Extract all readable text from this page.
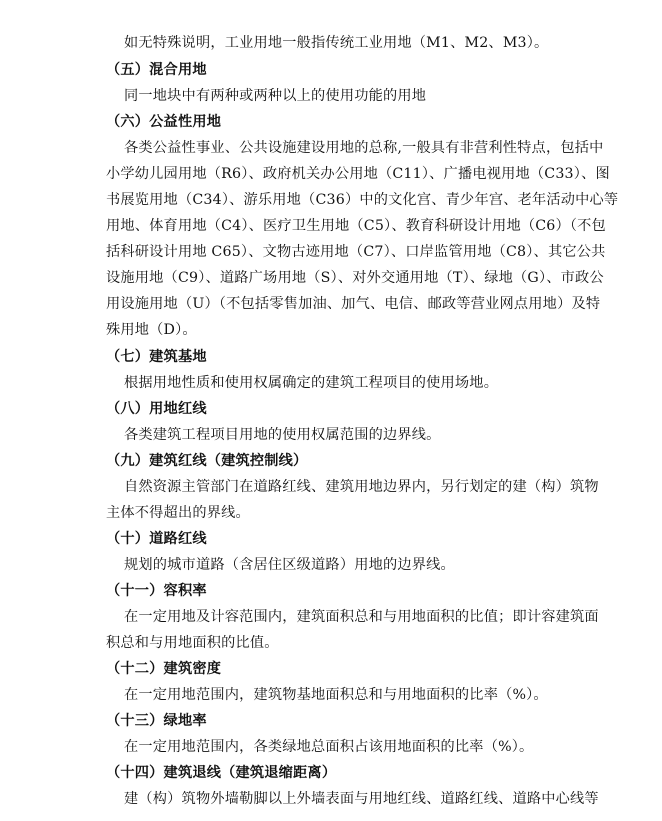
如无特殊说明，工业用地一般指传统工业用地（M1、M2、M3）。
（五）混合用地
同一地块中有两种或两种以上的使用功能的用地
（六）公益性用地
各类公益性事业、公共设施建设用地的总称,一般具有非营利性特点，包括中
小学幼儿园用地（R6）、政府机关办公用地（C11）、广播电视用地（C33）、图
书展览用地（C34）、游乐用地（C36）中的文化宫、青少年宫、老年活动中心等
用地、体育用地（C4）、医疗卫生用地（C5）、教育科研设计用地（C6）（不包
括科研设计用地 C65）、文物古迹用地（C7）、口岸监管用地（C8）、其它公共
设施用地（C9）、道路广场用地（S）、对外交通用地（T）、绿地（G）、市政公
用设施用地（U）（不包括零售加油、加气、电信、邮政等营业网点用地）及特
殊用地（D）。
（七）建筑基地
根据用地性质和使用权属确定的建筑工程项目的使用场地。
（八）用地红线
各类建筑工程项目用地的使用权属范围的边界线。
（九）建筑红线（建筑控制线）
自然资源主管部门在道路红线、建筑用地边界内，另行划定的建（构）筑物
主体不得超出的界线。
（十）道路红线
规划的城市道路（含居住区级道路）用地的边界线。
（十一）容积率
在一定用地及计容范围内，建筑面积总和与用地面积的比值；即计容建筑面
积总和与用地面积的比值。
（十二）建筑密度
在一定用地范围内，建筑物基地面积总和与用地面积的比率（%）。
（十三）绿地率
在一定用地范围内，各类绿地总面积占该用地面积的比率（%）。
（十四）建筑退线（建筑退缩距离）
建（构）筑物外墙勒脚以上外墙表面与用地红线、道路红线、道路中心线等
